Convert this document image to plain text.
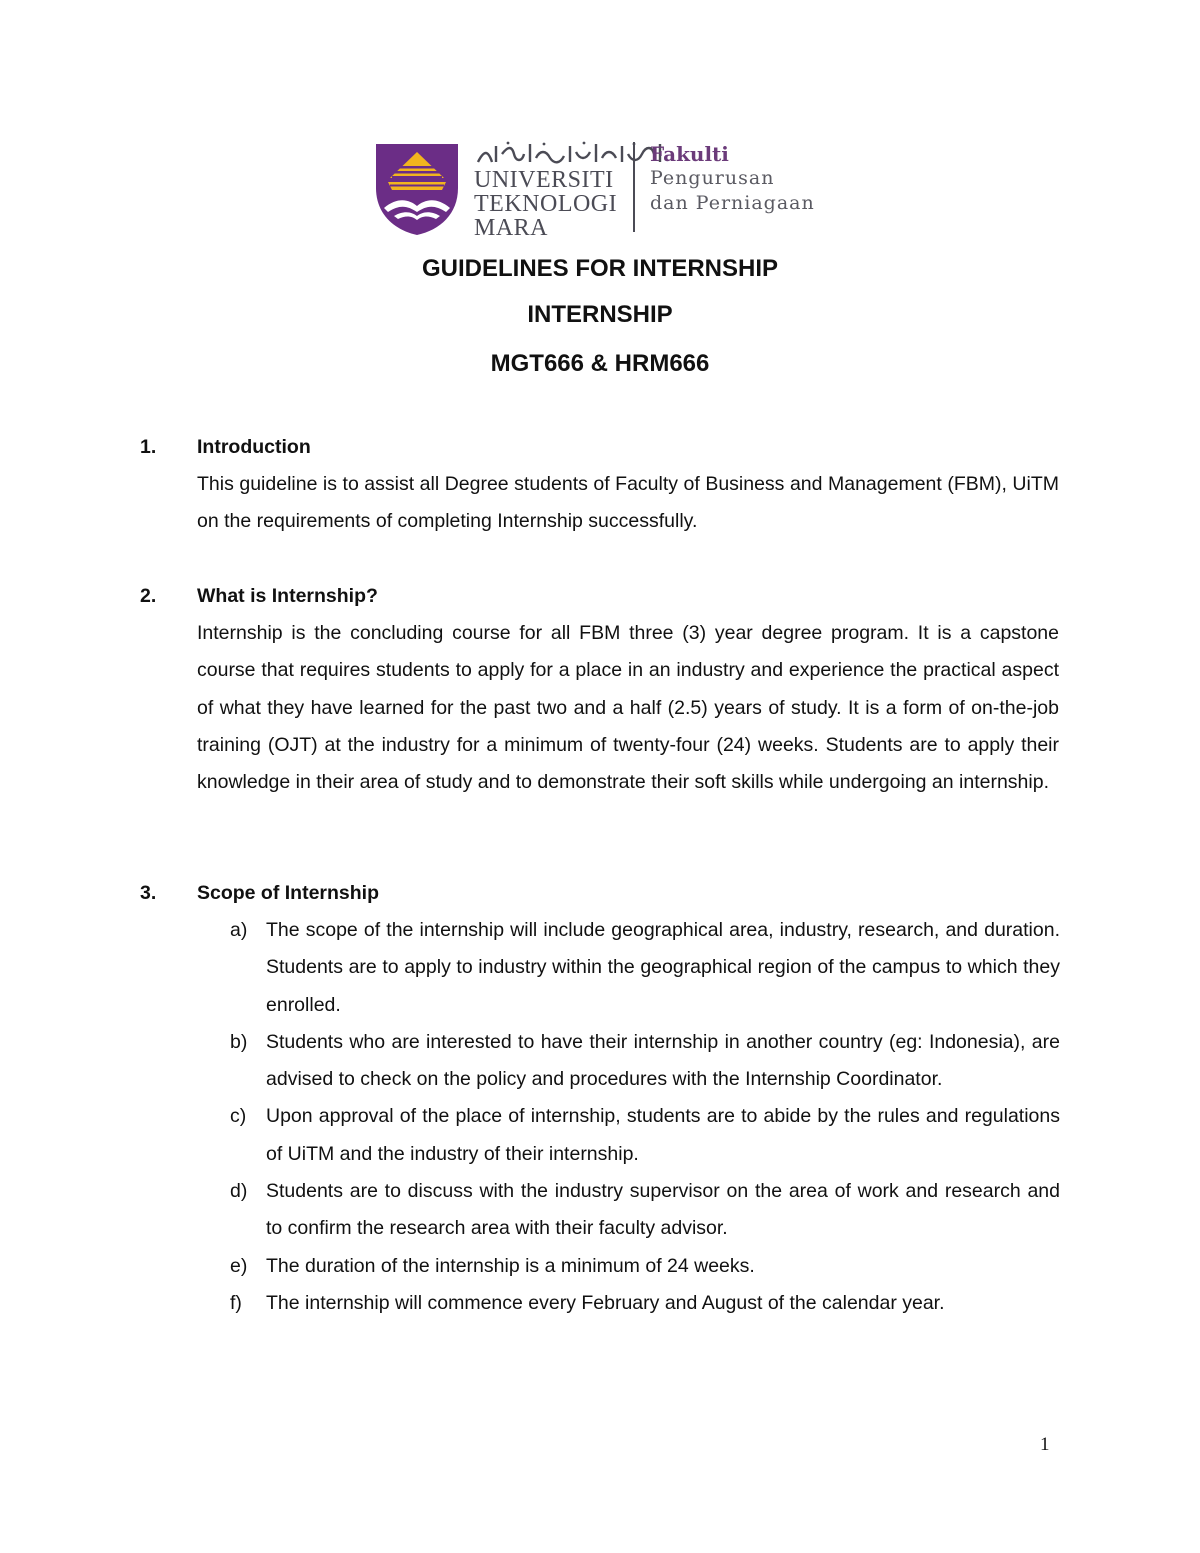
UNIVERSITI
TEKNOLOGI
MARA
Fakulti
Pengurusan
dan Perniagaan
GUIDELINES FOR INTERNSHIP
INTERNSHIP
MGT666 & HRM666
1. Introduction
This guideline is to assist all Degree students of Faculty of Business and Management (FBM), UiTM on the requirements of completing Internship successfully.
2. What is Internship?
Internship is the concluding course for all FBM three (3) year degree program. It is a capstone course that requires students to apply for a place in an industry and experience the practical aspect of what they have learned for the past two and a half (2.5) years of study. It is a form of on-the-job training (OJT) at the industry for a minimum of twenty-four (24) weeks. Students are to apply their knowledge in their area of study and to demonstrate their soft skills while undergoing an internship.
3. Scope of Internship
a) The scope of the internship will include geographical area, industry, research, and duration. Students are to apply to industry within the geographical region of the campus to which they enrolled.
b) Students who are interested to have their internship in another country (eg: Indonesia), are advised to check on the policy and procedures with the Internship Coordinator.
c)	Upon approval of the place of internship, students are to abide by the rules and regulations of UiTM and the industry of their internship.
d) Students are to discuss with the industry supervisor on the area of work and research and to confirm the research area with their faculty advisor.
e) The duration of the internship is a minimum of 24 weeks.
f)	The internship will commence every February and August of the calendar year.
1
